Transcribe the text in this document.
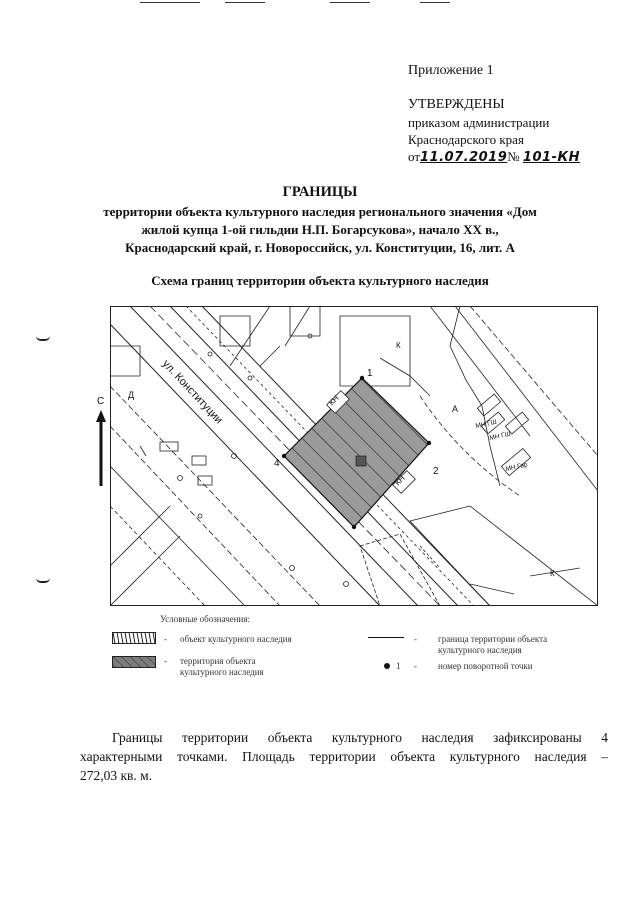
Приложение 1
УТВЕРЖДЕНЫ
приказом администрации
Краснодарского края
от11.07.2019№ 101-КН
ГРАНИЦЫ
территории объекта культурного наследия регионального значения «Дом
жилой купца 1-ой гильдии Н.П. Богарсукова», начало XX в.,
Краснодарский край, г. Новороссийск, ул. Конституции, 16, лит. А
Схема границ территории объекта культурного наследия
ул. Конституции	КН
КН
МН ГШ
МН ГШ
МН Гар
1
2
4
А
Д
К
К
С
Условные обозначения:
- объект культурного наследия
- территория объекта
культурного наследия
- граница территории объекта
культурного наследия
1 - номер поворотной точки
Границы территории объекта культурного наследия зафиксированы 4
характерными точками. Площадь территории объекта культурного наследия –
272,03 кв. м.
